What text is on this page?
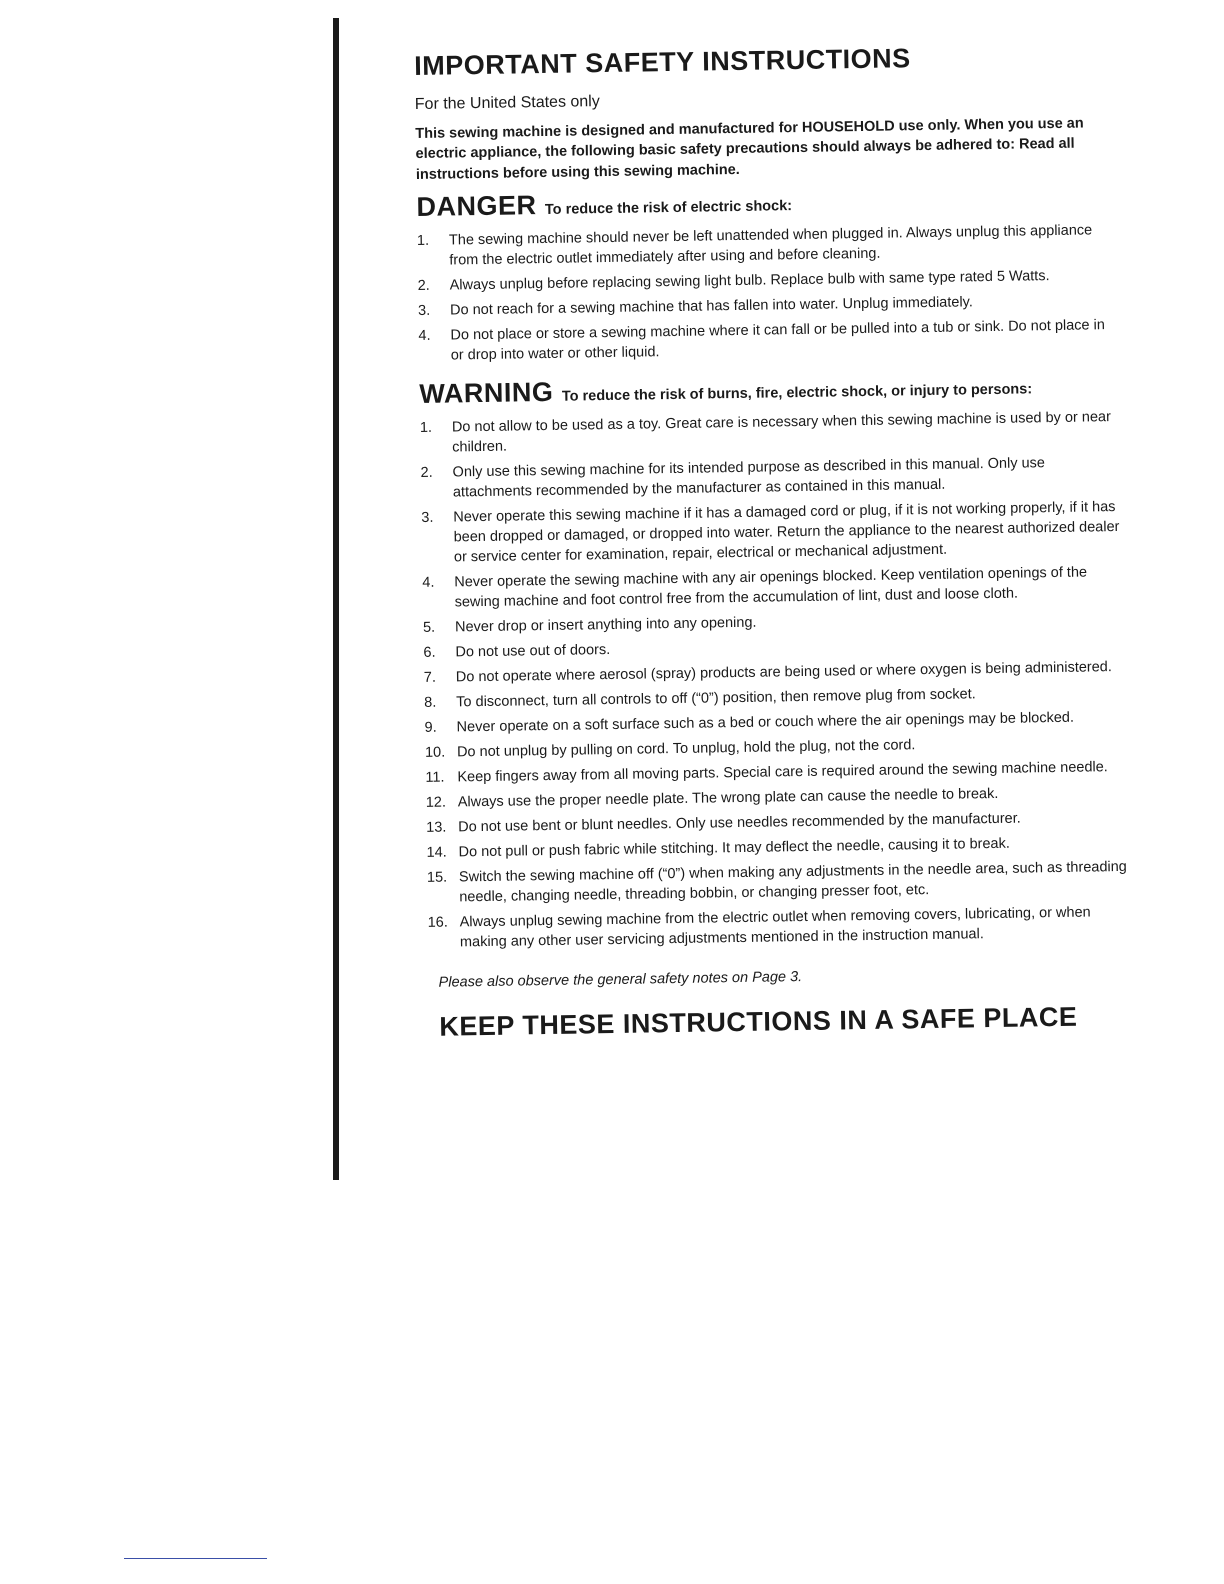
IMPORTANT SAFETY INSTRUCTIONS

For the United States only

This sewing machine is designed and manufactured for HOUSEHOLD use only. When you use an electric appliance, the following basic safety precautions should always be adhered to: Read all instructions before using this sewing machine.

DANGER To reduce the risk of electric shock:
1. The sewing machine should never be left unattended when plugged in. Always unplug this appliance from the electric outlet immediately after using and before cleaning.
2. Always unplug before replacing sewing light bulb. Replace bulb with same type rated 5 Watts.
3. Do not reach for a sewing machine that has fallen into water. Unplug immediately.
4. Do not place or store a sewing machine where it can fall or be pulled into a tub or sink. Do not place in or drop into water or other liquid.
WARNING To reduce the risk of burns, fire, electric shock, or injury to persons:
1. Do not allow to be used as a toy. Great care is necessary when this sewing machine is used by or near children.
2. Only use this sewing machine for its intended purpose as described in this manual. Only use attachments recommended by the manufacturer as contained in this manual.
3. Never operate this sewing machine if it has a damaged cord or plug, if it is not working properly, if it has been dropped or damaged, or dropped into water. Return the appliance to the nearest authorized dealer or service center for examination, repair, electrical or mechanical adjustment.
4. Never operate the sewing machine with any air openings blocked. Keep ventilation openings of the sewing machine and foot control free from the accumulation of lint, dust and loose cloth.
5. Never drop or insert anything into any opening.
6. Do not use out of doors.
7. Do not operate where aerosol (spray) products are being used or where oxygen is being administered.
8. To disconnect, turn all controls to off (“0”) position, then remove plug from socket.
9. Never operate on a soft surface such as a bed or couch where the air openings may be blocked.
10. Do not unplug by pulling on cord. To unplug, hold the plug, not the cord.
11. Keep fingers away from all moving parts. Special care is required around the sewing machine needle.
12. Always use the proper needle plate. The wrong plate can cause the needle to break.
13. Do not use bent or blunt needles. Only use needles recommended by the manufacturer.
14. Do not pull or push fabric while stitching. It may deflect the needle, causing it to break.
15. Switch the sewing machine off (“0”) when making any adjustments in the needle area, such as threading needle, changing needle, threading bobbin, or changing presser foot, etc.
16. Always unplug sewing machine from the electric outlet when removing covers, lubricating, or when making any other user servicing adjustments mentioned in the instruction manual.

Please also observe the general safety notes on Page 3.

KEEP THESE INSTRUCTIONS IN A SAFE PLACE
